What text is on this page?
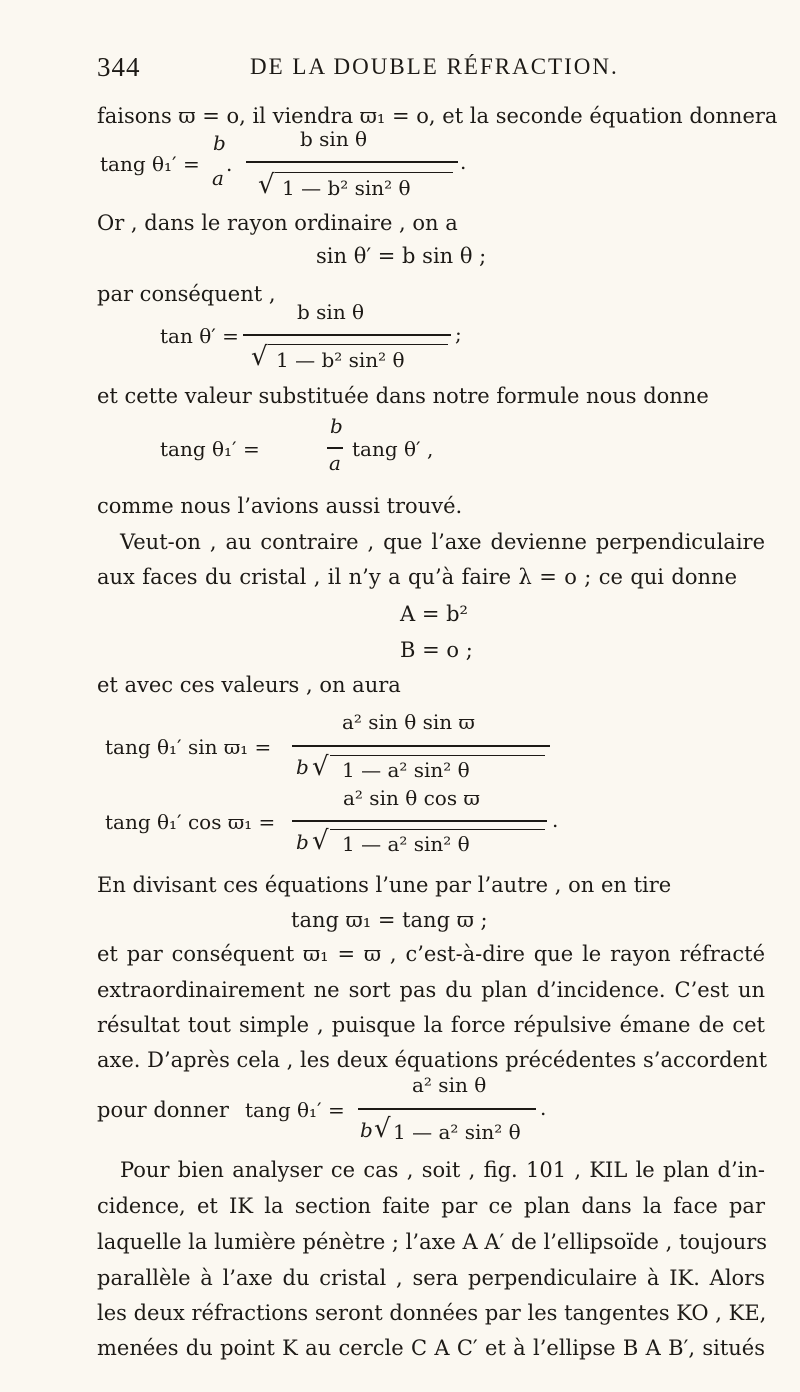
344	DE LA DOUBLE RÉFRACTION.
faisons ϖ = o, il viendra ϖ₁ = o, et la seconde équation donnera
tang θ₁′ =
b
a
.
b sin θ
√ 1 — b² sin² θ
.
Or , dans le rayon ordinaire , on a
sin θ′ = b sin θ ;
par conséquent ,
tan θ′ =
b sin θ
√ 1 — b² sin² θ
;
et cette valeur substituée dans notre formule nous donne
tang θ₁′ =
b
a
tang θ′ ,
comme nous l’avions aussi trouvé.
Veut-on , au contraire , que l’axe devienne perpendiculaire
aux faces du cristal , il n’y a qu’à faire λ = o ; ce qui donne
A = b²
B = o ;
et avec ces valeurs , on aura
tang θ₁′ sin ϖ₁ =
a² sin θ sin ϖ
b √ 1 — a² sin² θ
tang θ₁′ cos ϖ₁ =
a² sin θ cos ϖ
b √ 1 — a² sin² θ
.
En divisant ces équations l’une par l’autre , on en tire
tang ϖ₁ = tang ϖ ;
et par conséquent ϖ₁ = ϖ , c’est-à-dire que le rayon réfracté
extraordinairement ne sort pas du plan d’incidence. C’est un
résultat tout simple , puisque la force répulsive émane de cet
axe. D’après cela , les deux équations précédentes s’accordent
pour donner tang θ₁′ =
a² sin θ
b √ 1 — a² sin² θ
.
Pour bien analyser ce cas , soit , fig. 101 , KIL le plan d’in-
cidence, et IK la section faite par ce plan dans la face par
laquelle la lumière pénètre ; l’axe A A′ de l’ellipsoïde , toujours
parallèle à l’axe du cristal , sera perpendiculaire à IK. Alors
les deux réfractions seront données par les tangentes KO , KE,
menées du point K au cercle C A C′ et à l’ellipse B A B′, situés
